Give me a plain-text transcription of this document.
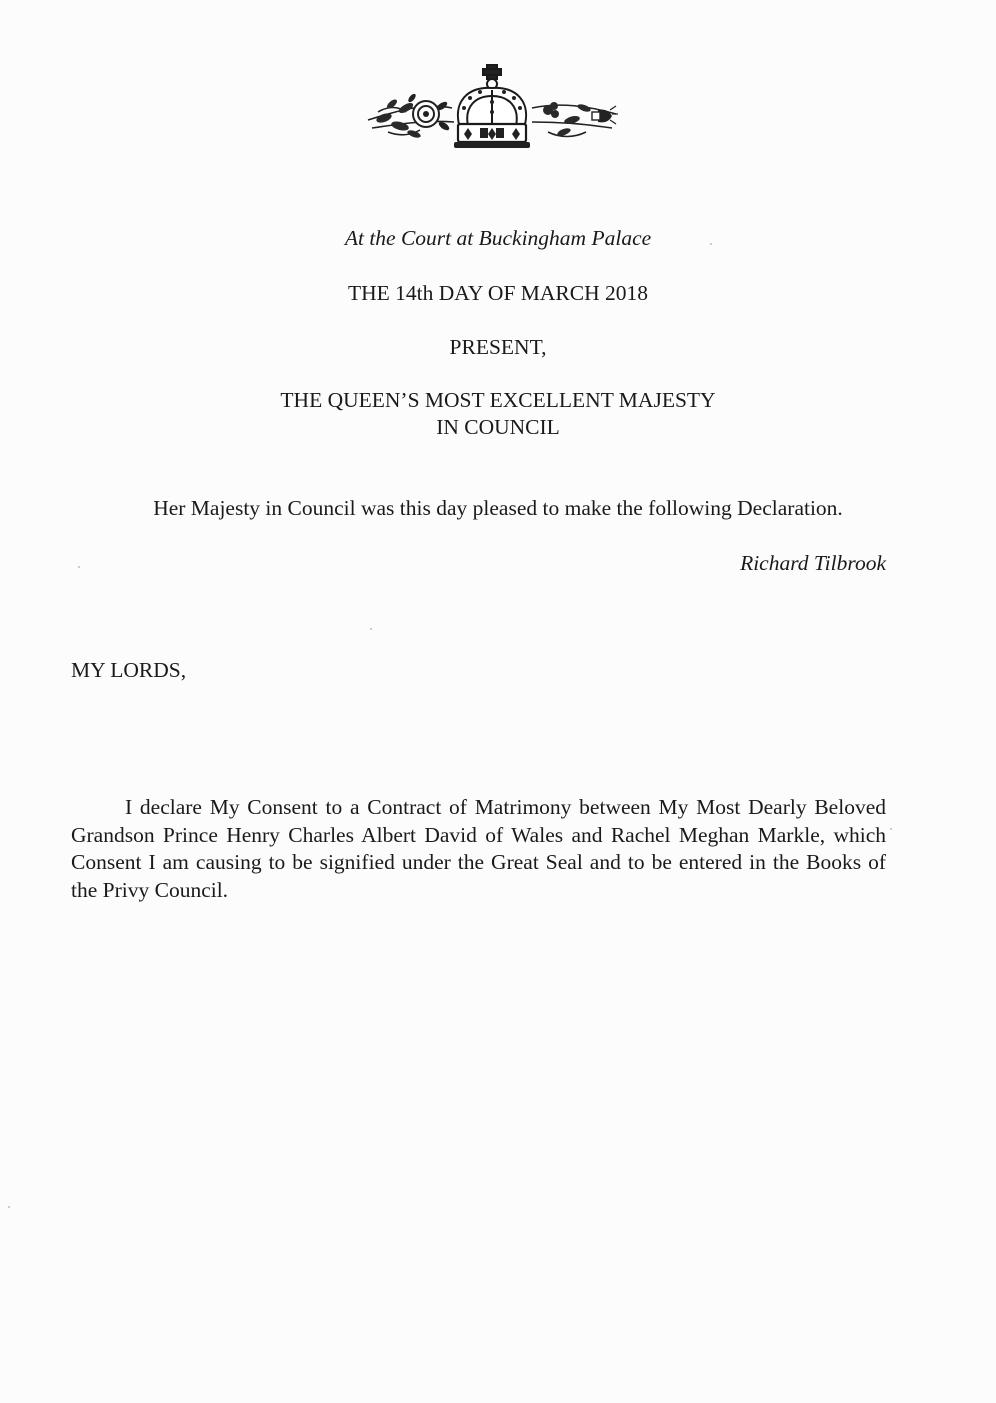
At the Court at Buckingham Palace
THE 14th DAY OF MARCH 2018
PRESENT,
THE QUEEN’S MOST EXCELLENT MAJESTY
IN COUNCIL
Her Majesty in Council was this day pleased to make the following Declaration.
Richard Tilbrook
MY LORDS,

I declare My Consent to a Contract of Matrimony between My Most Dearly Beloved Grandson Prince Henry Charles Albert David of Wales and Rachel Meghan Markle, which Consent I am causing to be signified under the Great Seal and to be entered in the Books of the Privy Council.
